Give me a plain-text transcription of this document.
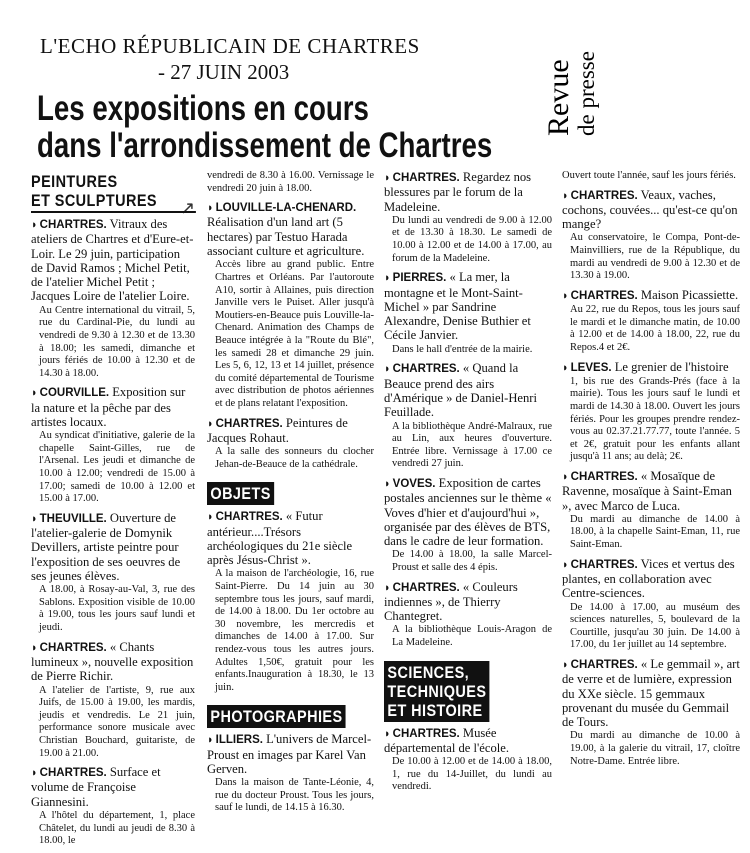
L'ECHO RÉPUBLICAIN DE CHARTRES
- 27 JUIN 2003	Revue de presse
Les expositions en cours
dans l'arrondissement de Chartres
↗
PEINTURES
ET SCULPTURES
◗ CHARTRES. Vitraux des ateliers de Chartres et d'Eure-et-Loir. Le 29 juin, participation de David Ramos ; Michel Petit, de l'atelier Michel Petit ; Jacques Loire de l'atelier Loire.
Au Centre international du vitrail, 5, rue du Cardinal-Pie, du lundi au vendredi de 9.30 à 12.30 et de 13.30 à 18.00; les samedi, dimanche et jours fériés de 10.00 à 12.30 et de 14.30 à 18.00.
◗ COURVILLE. Exposition sur la nature et la pêche par des artistes locaux.
Au syndicat d'initiative, galerie de la chapelle Saint-Gilles, rue de l'Arsenal. Les jeudi et dimanche de 10.00 à 12.00; vendredi de 15.00 à 17.00; samedi de 10.00 à 12.00 et 15.00 à 17.00.
◗ THEUVILLE. Ouverture de l'atelier-galerie de Domynik Devillers, artiste peintre pour l'exposition de ses oeuvres de ses jeunes élèves.
A 18.00, à Rosay-au-Val, 3, rue des Sablons. Exposition visible de 10.00 à 19.00, tous les jours sauf lundi et jeudi.
◗ CHARTRES. « Chants lumineux », nouvelle exposition de Pierre Richir.
A l'atelier de l'artiste, 9, rue aux Juifs, de 15.00 à 19.00, les mardis, jeudis et vendredis. Le 21 juin, performance sonore musicale avec Christian Bouchard, guitariste, de 19.00 à 21.00.
◗ CHARTRES. Surface et volume de Françoise Giannesini.
A l'hôtel du département, 1, place Châtelet, du lundi au jeudi de 8.30 à 18.00, le
vendredi de 8.30 à 16.00. Vernissage le vendredi 20 juin à 18.00.
◗ LOUVILLE-LA-CHENARD. Réalisation d'un land art (5 hectares) par Testuo Harada associant culture et agriculture.
Accès libre au grand public. Entre Chartres et Orléans. Par l'autoroute A10, sortir à Allaines, puis direction Janville vers le Puiset. Aller jusqu'à Moutiers-en-Beauce puis Louville-la-Chenard. Animation des Champs de Beauce intégrée à la "Route du Blé", les samedi 28 et dimanche 29 juin. Les 5, 6, 12, 13 et 14 juillet, présence du comité départemental de Tourisme avec distribution de photos aériennes et de plans relatant l'exposition.
◗ CHARTRES. Peintures de Jacques Rohaut.
A la salle des sonneurs du clocher Jehan-de-Beauce de la cathédrale.
OBJETS
◗ CHARTRES. « Futur antérieur....Trésors archéologiques du 21e siècle après Jésus-Christ ».
A la maison de l'archéologie, 16, rue Saint-Pierre. Du 14 juin au 30 septembre tous les jours, sauf mardi, de 14.00 à 18.00. Du 1er octobre au 30 novembre, les mercredis et dimanches de 14.00 à 17.00. Sur rendez-vous tous les autres jours. Adultes 1,50€, gratuit pour les enfants.Inauguration à 18.30, le 13 juin.
PHOTOGRAPHIES
◗ ILLIERS. L'univers de Marcel-Proust en images par Karel Van Gerven.
Dans la maison de Tante-Léonie, 4, rue du docteur Proust. Tous les jours, sauf le lundi, de 14.15 à 16.30.
◗ CHARTRES. Regardez nos blessures par le forum de la Madeleine.
Du lundi au vendredi de 9.00 à 12.00 et de 13.30 à 18.30. Le samedi de 10.00 à 12.00 et de 14.00 à 17.00, au forum de la Madeleine.
◗ PIERRES. « La mer, la montagne et le Mont-Saint-Michel » par Sandrine Alexandre, Denise Buthier et Cécile Janvier.
Dans le hall d'entrée de la mairie.
◗ CHARTRES. « Quand la Beauce prend des airs d'Amérique » de Daniel-Henri Feuillade.
A la bibliothèque André-Malraux, rue au Lin, aux heures d'ouverture. Entrée libre. Vernissage à 17.00 ce vendredi 27 juin.
◗ VOVES. Exposition de cartes postales anciennes sur le thème « Voves d'hier et d'aujourd'hui », organisée par des élèves de BTS, dans le cadre de leur formation.
De 14.00 à 18.00, la salle Marcel-Proust et salle des 4 épis.
◗ CHARTRES. « Couleurs indiennes », de Thierry Chantegret.
A la bibliothèque Louis-Aragon de La Madeleine.
SCIENCES,
TECHNIQUES
ET HISTOIRE
◗ CHARTRES. Musée départemental de l'école.
De 10.00 à 12.00 et de 14.00 à 18.00, 1, rue du 14-Juillet, du lundi au vendredi.
Ouvert toute l'année, sauf les jours fériés.
◗ CHARTRES. Veaux, vaches, cochons, couvées... qu'est-ce qu'on mange?
Au conservatoire, le Compa, Pont-de-Mainvilliers, rue de la République, du mardi au vendredi de 9.00 à 12.30 et de 13.30 à 19.00.
◗ CHARTRES. Maison Picassiette.
Au 22, rue du Repos, tous les jours sauf le mardi et le dimanche matin, de 10.00 à 12.00 et de 14.00 à 18.00, 22, rue du Repos.4 et 2€.
◗ LEVES. Le grenier de l'histoire
1, bis rue des Grands-Prés (face à la mairie). Tous les jours sauf le lundi et mardi de 14.30 à 18.00. Ouvert les jours fériés. Pour les groupes prendre rendez-vous au 02.37.21.77.77, toute l'année. 5 et 2€, gratuit pour les enfants allant jusqu'à 11 ans; au delà; 2€.
◗ CHARTRES. « Mosaïque de Ravenne, mosaïque à Saint-Eman », avec Marco de Luca.
Du mardi au dimanche de 14.00 à 18.00, à la chapelle Saint-Eman, 11, rue Saint-Eman.
◗ CHARTRES. Vices et vertus des plantes, en collaboration avec Centre-sciences.
De 14.00 à 17.00, au muséum des sciences naturelles, 5, boulevard de la Courtille, jusqu'au 30 juin. De 14.00 à 17.00, du 1er juillet au 14 septembre.
◗ CHARTRES. « Le gemmail », art de verre et de lumière, expression du XXe siècle. 15 gemmaux provenant du musée du Gemmail de Tours.
Du mardi au dimanche de 10.00 à 19.00, à la galerie du vitrail, 17, cloître Notre-Dame. Entrée libre.
